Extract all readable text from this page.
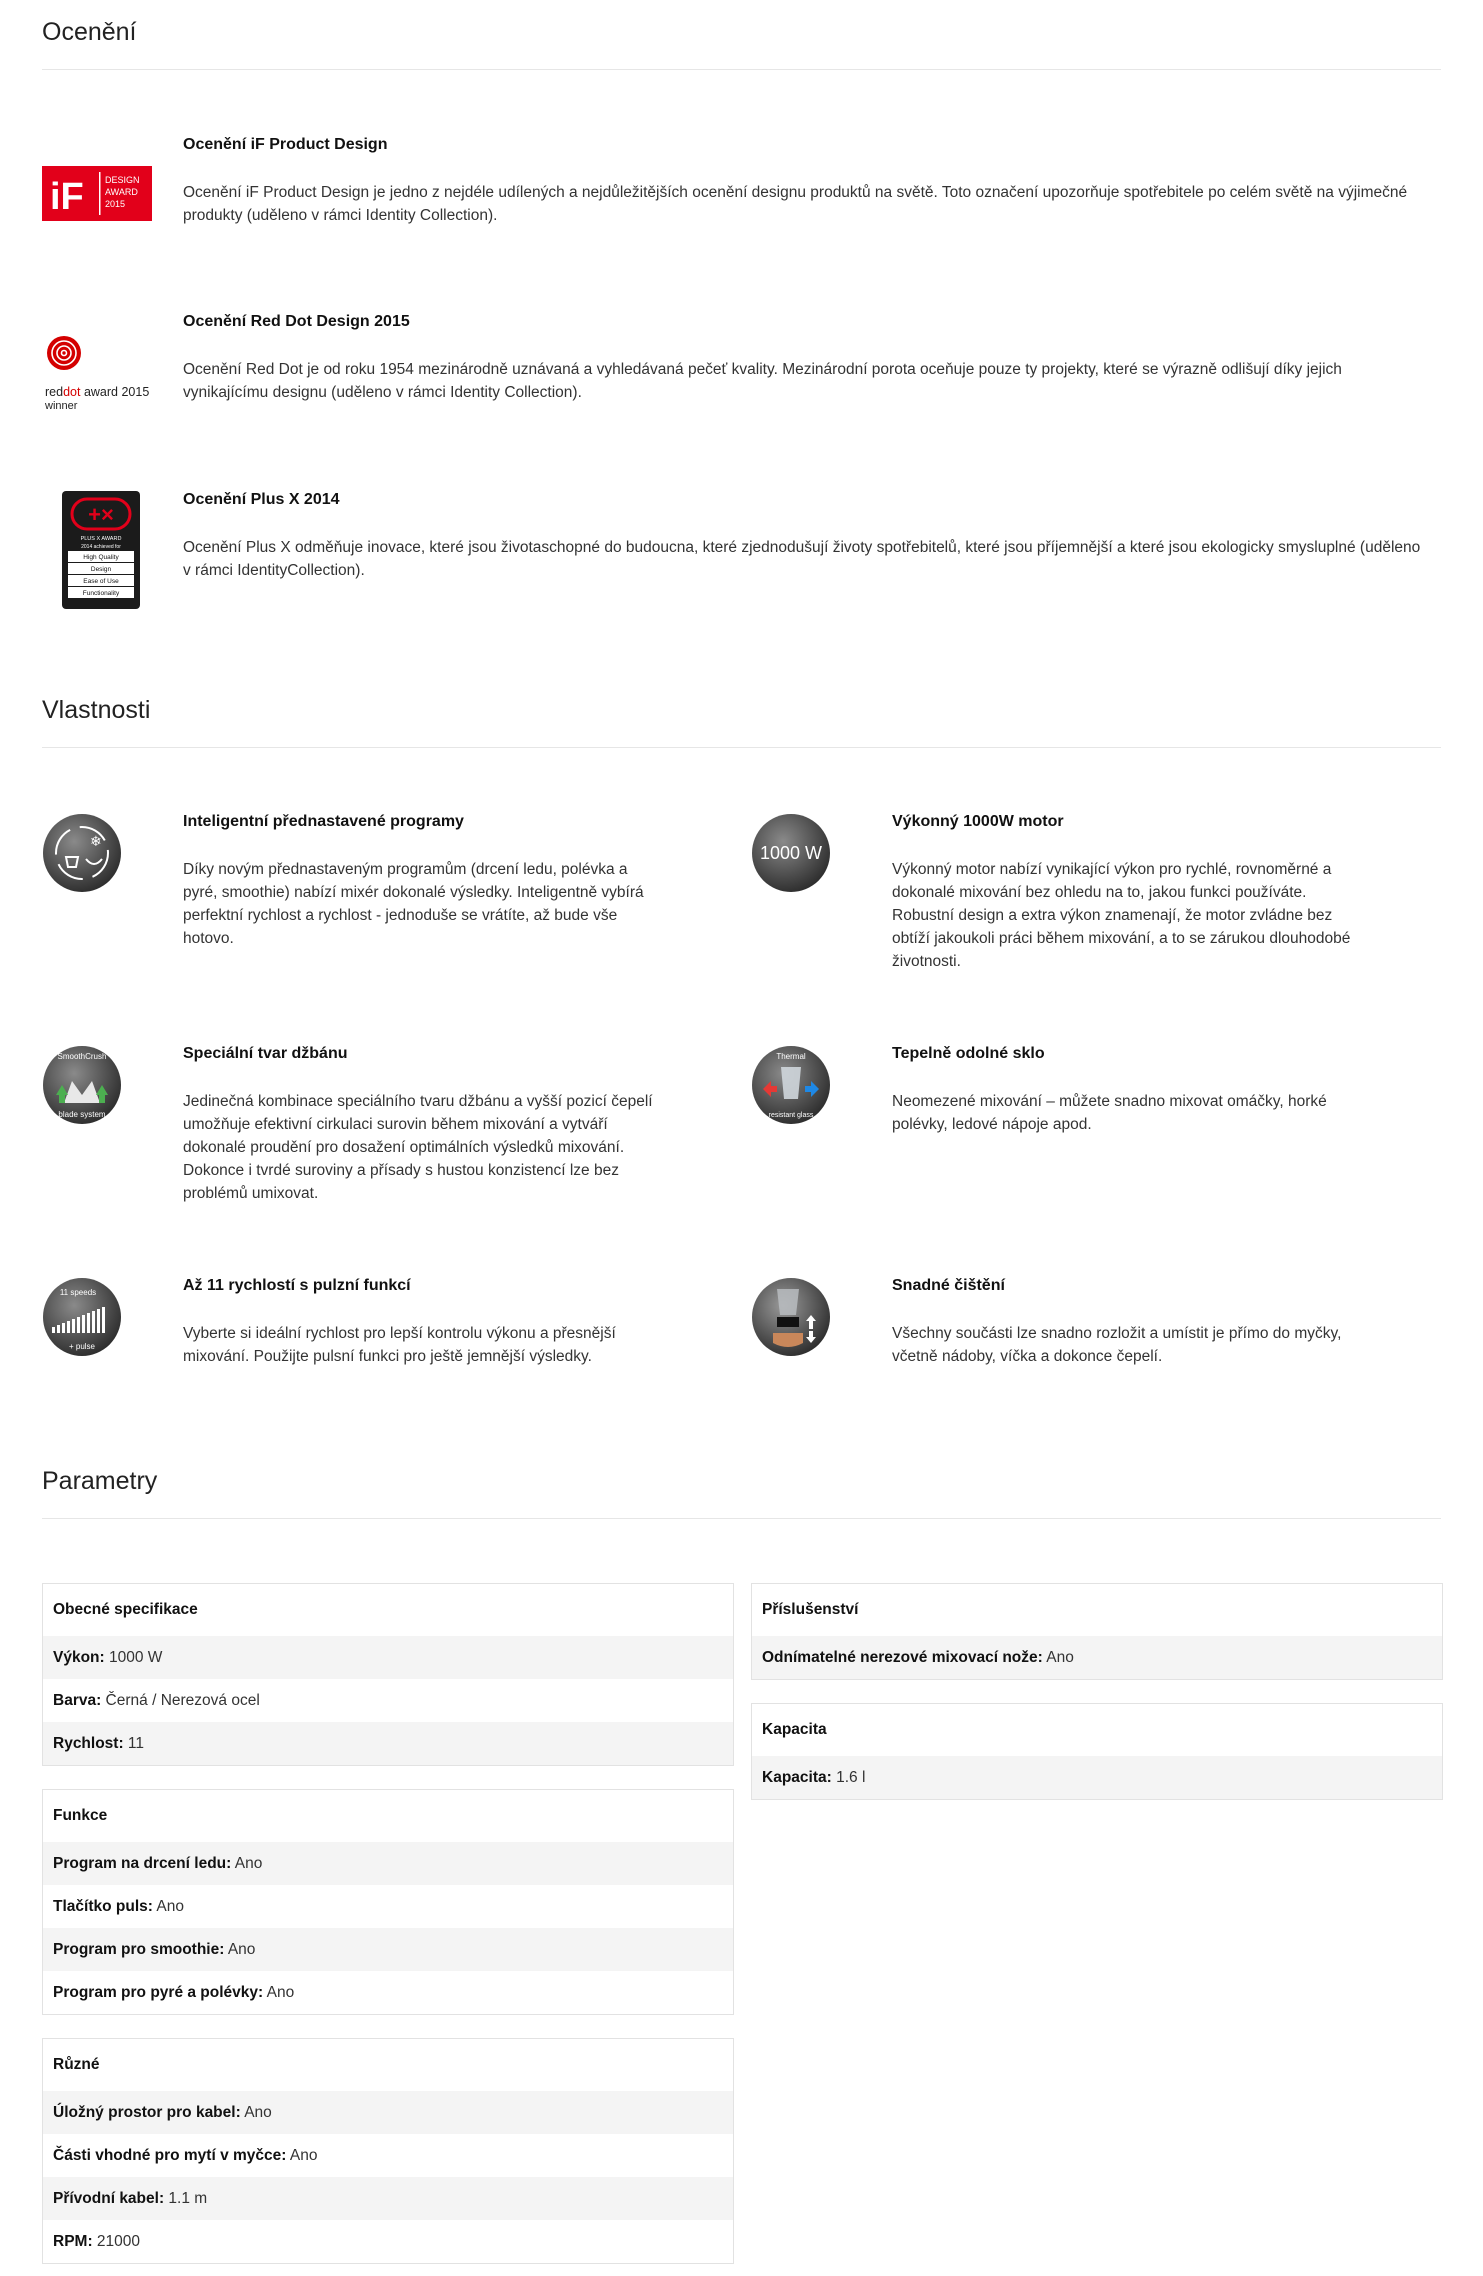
Ocenění
iF DESIGN
AWARD
2015
Ocenění iF Product Design
Ocenění iF Product Design je jedno z nejdéle udílených a nejdůležitějších ocenění designu produktů na světě. Toto označení upozorňuje spotřebitele po celém světě na výjimečné produkty (uděleno v rámci Identity Collection).
reddot award 2015
winner
Ocenění Red Dot Design 2015
Ocenění Red Dot je od roku 1954 mezinárodně uznávaná a vyhledávaná pečeť kvality. Mezinárodní porota oceňuje pouze ty projekty, které se výrazně odlišují díky jejich vynikajícímu designu (uděleno v rámci Identity Collection).
+×
PLUS X AWARD
2014 achieved for
High Quality
Design
Ease of Use
Functionality
Ocenění Plus X 2014
Ocenění Plus X odměňuje inovace, které jsou životaschopné do budoucna, které zjednodušují životy spotřebitelů, které jsou příjemnější a které jsou ekologicky smysluplné (uděleno v rámci IdentityCollection).
Vlastnosti
❄
Inteligentní přednastavené programy
Díky novým přednastaveným programům (drcení ledu, polévka a pyré, smoothie) nabízí mixér dokonalé výsledky. Inteligentně vybírá perfektní rychlost a rychlost - jednoduše se vrátíte, až bude vše hotovo.
1000 W
Výkonný 1000W motor
Výkonný motor nabízí vynikající výkon pro rychlé, rovnoměrné a dokonalé mixování bez ohledu na to, jakou funkci používáte. Robustní design a extra výkon znamenají, že motor zvládne bez obtíží jakoukoli práci během mixování, a to se zárukou dlouhodobé životnosti.
SmoothCrush
blade system
Speciální tvar džbánu
Jedinečná kombinace speciálního tvaru džbánu a vyšší pozicí čepelí umožňuje efektivní cirkulaci surovin během mixování a vytváří dokonalé proudění pro dosažení optimálních výsledků mixování. Dokonce i tvrdé suroviny a přísady s hustou konzistencí lze bez problémů umixovat.
Thermal
resistant glass
Tepelně odolné sklo
Neomezené mixování – můžete snadno mixovat omáčky, horké polévky, ledové nápoje apod.
11 speeds
+ pulse
Až 11 rychlostí s pulzní funkcí
Vyberte si ideální rychlost pro lepší kontrolu výkonu a přesnější mixování. Použijte pulsní funkci pro ještě jemnější výsledky.
Snadné čištění
Všechny součásti lze snadno rozložit a umístit je přímo do myčky, včetně nádoby, víčka a dokonce čepelí.
Parametry
Obecné specifikace
Výkon: 1000 W
Barva: Černá / Nerezová ocel
Rychlost: 11
Funkce
Program na drcení ledu: Ano
Tlačítko puls: Ano
Program pro smoothie: Ano
Program pro pyré a polévky: Ano
Různé
Úložný prostor pro kabel: Ano
Části vhodné pro mytí v myčce: Ano
Přívodní kabel: 1.1 m
RPM: 21000
Příslušenství
Odnímatelné nerezové mixovací nože: Ano
Kapacita
Kapacita: 1.6 l
